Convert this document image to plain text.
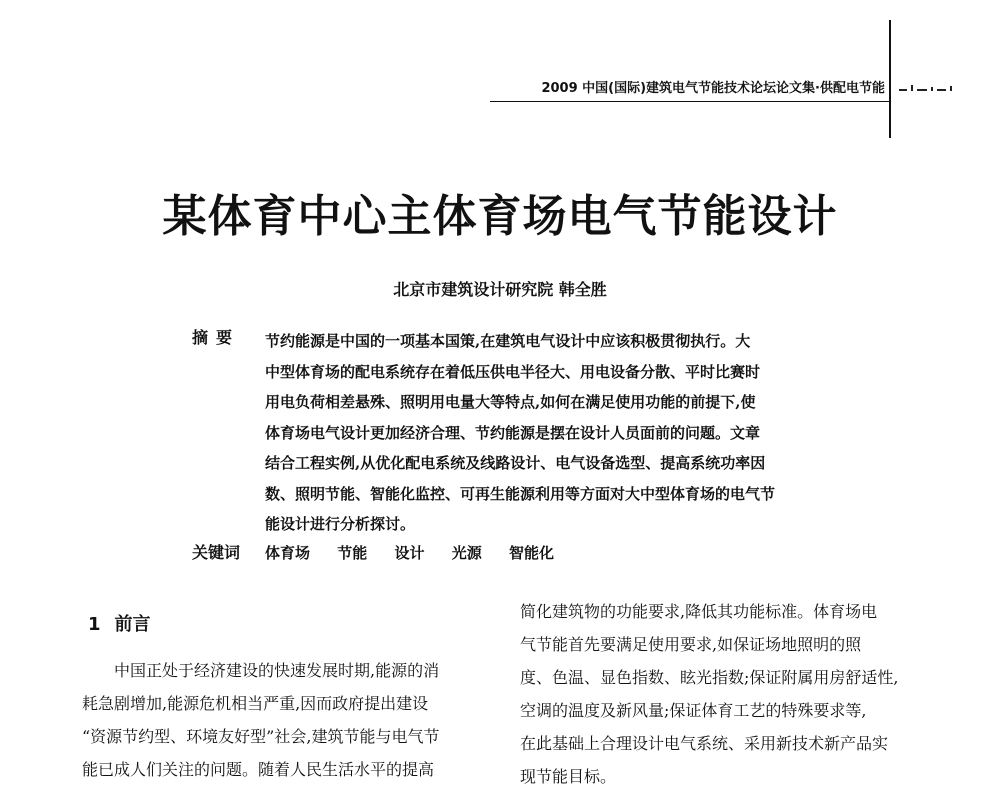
2009 中国(国际)建筑电气节能技术论坛论文集·供配电节能
某体育中心主体育场电气节能设计
北京市建筑设计研究院 韩全胜
摘要 节约能源是中国的一项基本国策,在建筑电气设计中应该积极贯彻执行。大
中型体育场的配电系统存在着低压供电半径大、用电设备分散、平时比赛时
用电负荷相差悬殊、照明用电量大等特点,如何在满足使用功能的前提下,使
体育场电气设计更加经济合理、节约能源是摆在设计人员面前的问题。文章
结合工程实例,从优化配电系统及线路设计、电气设备选型、提高系统功率因
数、照明节能、智能化监控、可再生能源利用等方面对大中型体育场的电气节
能设计进行分析探讨。
关键词 体育场 节能 设计 光源 智能化
1 前言
　　中国正处于经济建设的快速发展时期,能源的消
耗急剧增加,能源危机相当严重,因而政府提出建设
“资源节约型、环境友好型”社会,建筑节能与电气节
能已成人们关注的问题。随着人民生活水平的提高
简化建筑物的功能要求,降低其功能标准。体育场电
气节能首先要满足使用要求,如保证场地照明的照
度、色温、显色指数、眩光指数;保证附属用房舒适性,
空调的温度及新风量;保证体育工艺的特殊要求等,
在此基础上合理设计电气系统、采用新技术新产品实
现节能目标。
